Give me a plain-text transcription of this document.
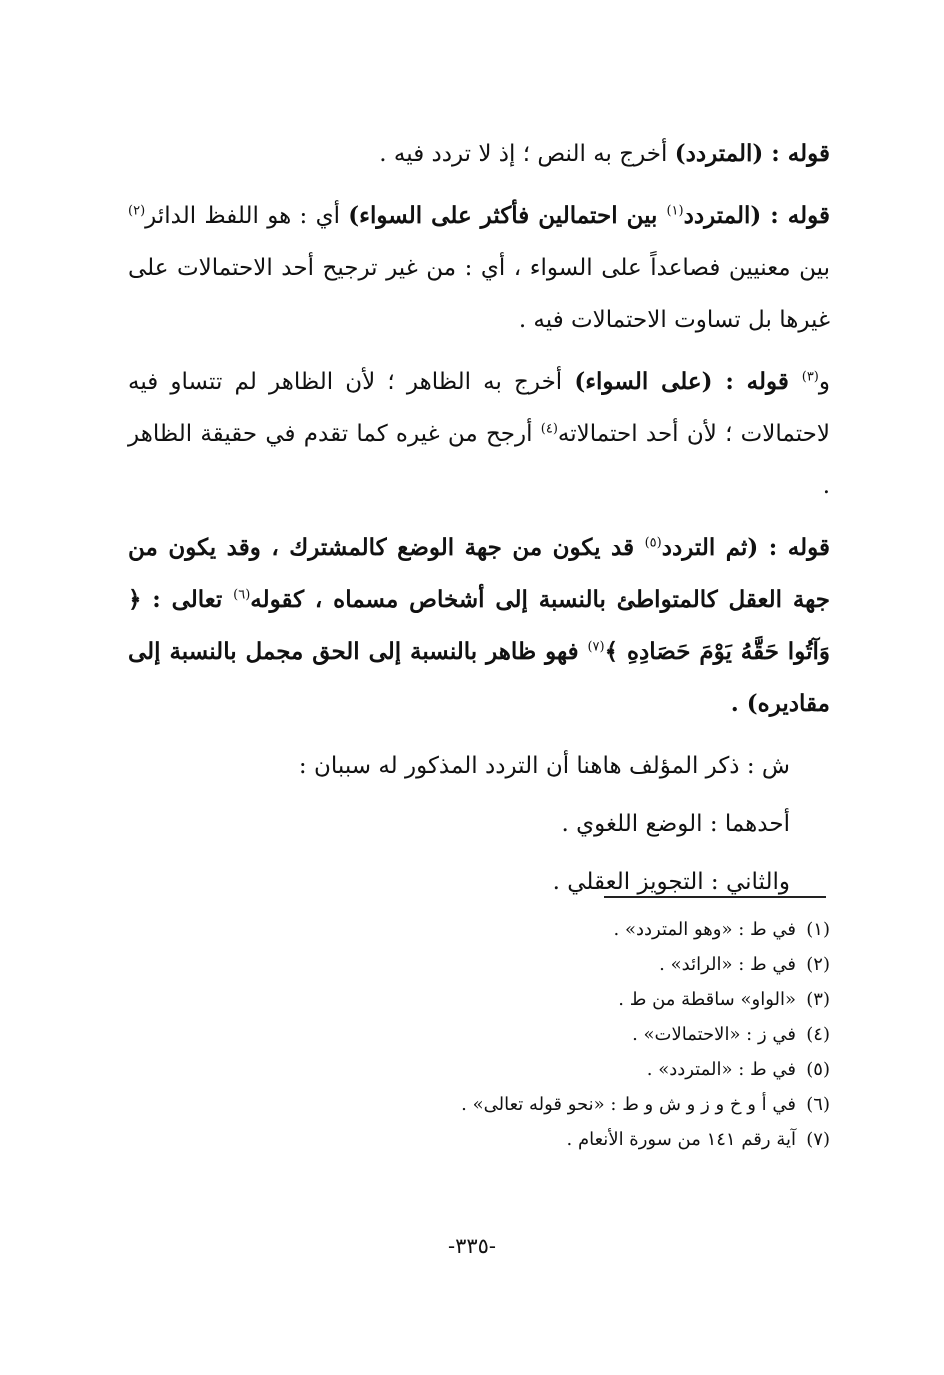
قوله : (المتردد) أخرج به النص ؛ إذ لا تردد فيه .

قوله : (المتردد$^{(١)}$ بين احتمالين فأكثر على السواء) أي : هو اللفظ الدائر$^{(٢)}$ بين معنيين فصاعداً على السواء ، أي : من غير ترجيح أحد الاحتمالات على غيرها بل تساوت الاحتمالات فيه .

و$^{(٣)}$ قوله : (على السواء) أخرج به الظاهر ؛ لأن الظاهر لم تتساو فيه لاحتمالات ؛ لأن أحد احتمالاته$^{(٤)}$ أرجح من غيره كما تقدم في حقيقة الظاهر .

قوله : (ثم التردد$^{(٥)}$ قد يكون من جهة الوضع كالمشترك ، وقد يكون من جهة العقل كالمتواطئ بالنسبة إلى أشخاص مسماه ، كقوله$^{(٦)}$ تعالى : ﴿ وَآتُوا حَقَّهُ يَوْمَ حَصَادِهِ ﴾$^{(٧)}$ فهو ظاهر بالنسبة إلى الحق مجمل بالنسبة إلى مقاديره) .

ش : ذكر المؤلف هاهنا أن التردد المذكور له سببان :

أحدهما : الوضع اللغوي .

والثاني : التجويز العقلي .

(١)في ط : «وهو المتردد» .
(٢)في ط : «الرائد» .
(٣)«الواو» ساقطة من ط .
(٤)في ز : «الاحتمالات» .
(٥)في ط : «المتردد» .
(٦)في أ و خ و ز و ش و ط : «نحو قوله تعالى» .
(٧)آية رقم ١٤١ من سورة الأنعام .
-٣٣٥-
